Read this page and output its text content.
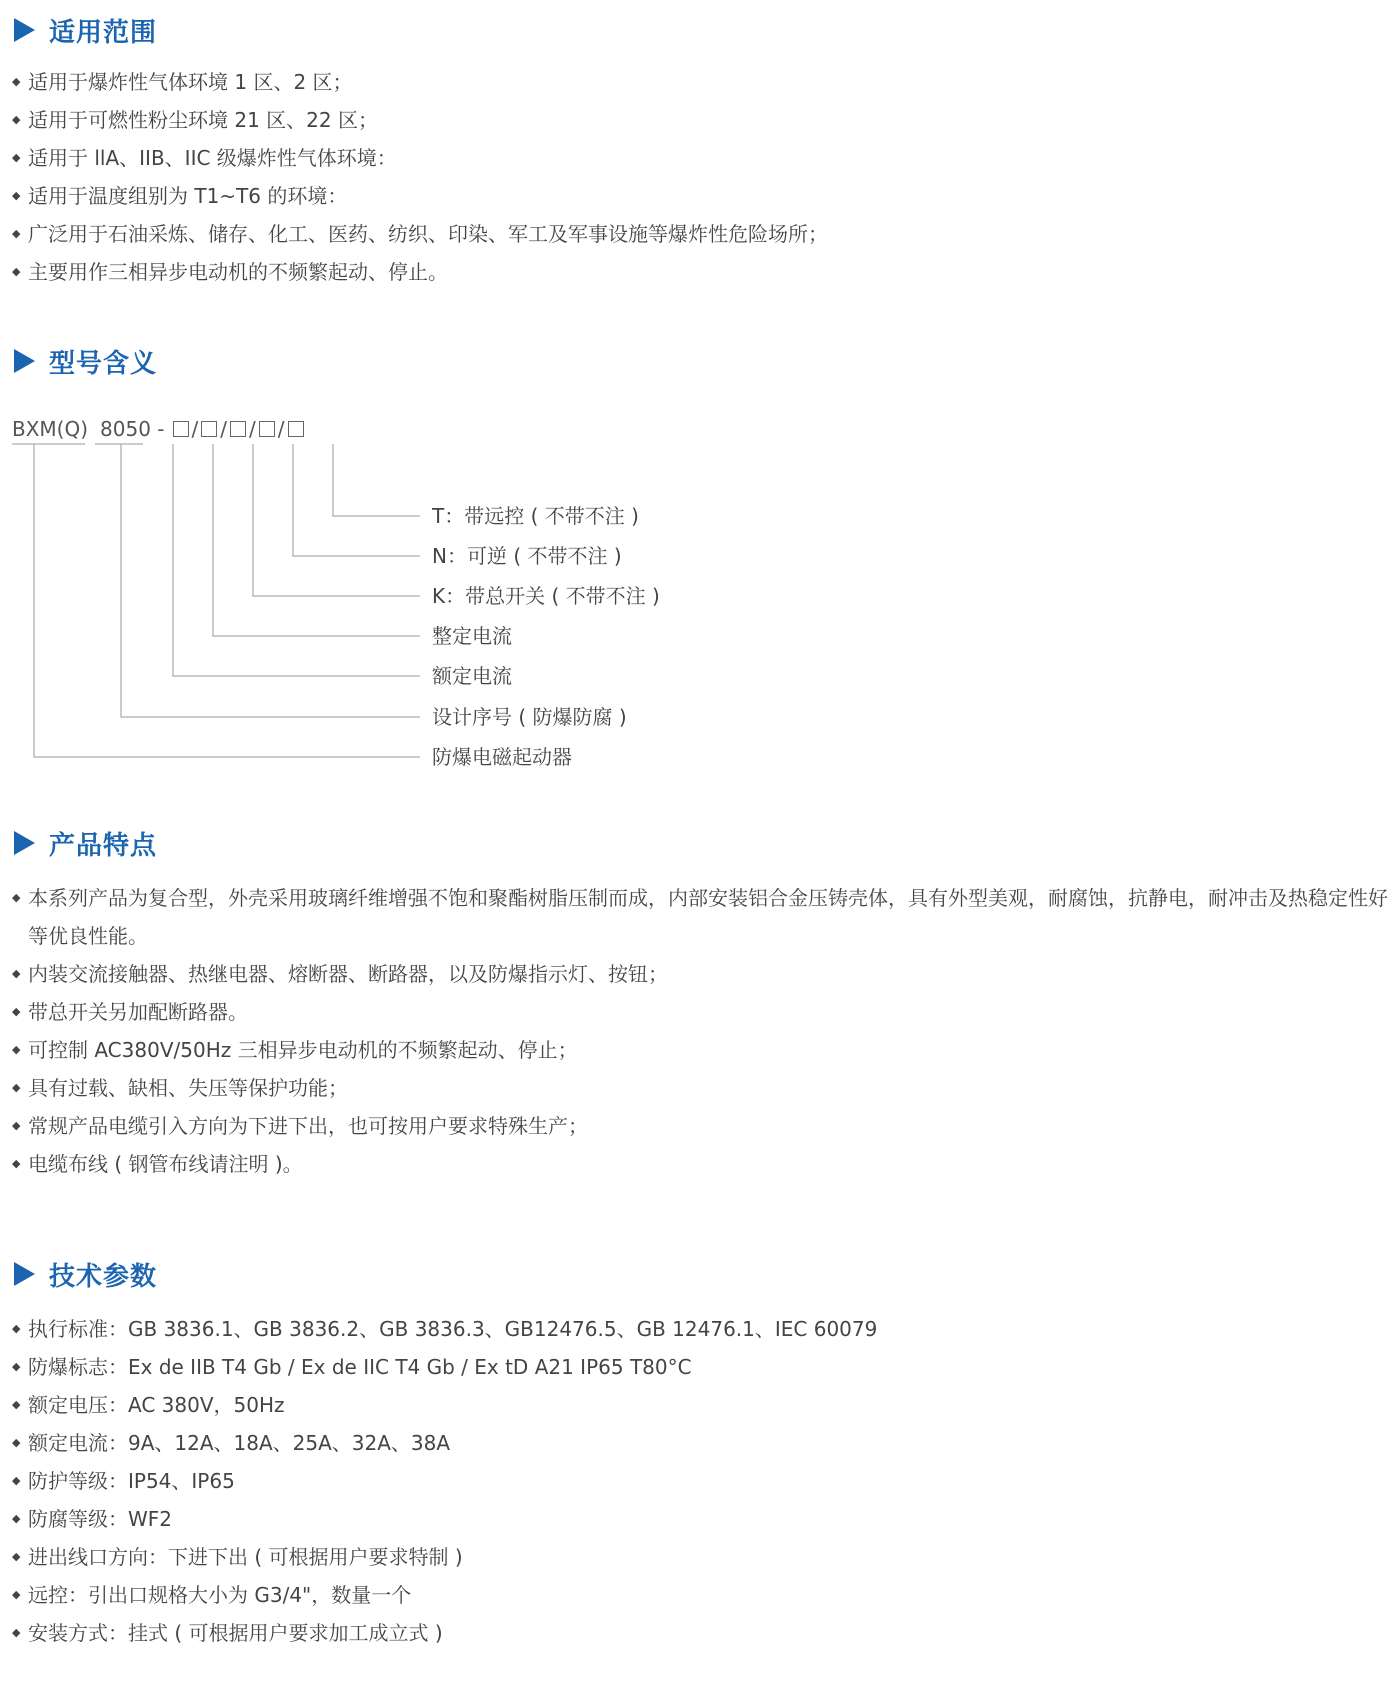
适用范围
◆ 适用于爆炸性气体环境 1 区、2 区；
◆ 适用于可燃性粉尘环境 21 区、22 区；
◆ 适用于 llA、IIB、IIC 级爆炸性气体环境：
◆ 适用于温度组别为 T1~T6 的环境：
◆ 广泛用于石油采炼、储存、化工、医药、纺织、印染、军工及军事设施等爆炸性危险场所；
◆ 主要用作三相异步电动机的不频繁起动、停止。
型号含义
BXM(Q) 8050 - / / / /
T：带远控 ( 不带不注 )
N：可逆 ( 不带不注 )
K：带总开关 ( 不带不注 )
整定电流
额定电流
设计序号 ( 防爆防腐 )
防爆电磁起动器
产品特点
◆ 本系列产品为复合型，外壳采用玻璃纤维增强不饱和聚酯树脂压制而成，内部安装铝合金压铸壳体，具有外型美观，耐腐蚀，抗静电，耐冲击及热稳定性好等优良性能。
◆ 内装交流接触器、热继电器、熔断器、断路器，以及防爆指示灯、按钮；
◆ 带总开关另加配断路器。
◆ 可控制 AC380V/50Hz 三相异步电动机的不频繁起动、停止；
◆ 具有过载、缺相、失压等保护功能；
◆ 常规产品电缆引入方向为下进下出，也可按用户要求特殊生产；
◆ 电缆布线 ( 钢管布线请注明 )。
技术参数
◆ 执行标准：GB 3836.1、GB 3836.2、GB 3836.3、GB12476.5、GB 12476.1、IEC 60079
◆ 防爆标志：Ex de IIB T4 Gb / Ex de IIC T4 Gb / Ex tD A21 IP65 T80°C
◆ 额定电压：AC 380V，50Hz
◆ 额定电流：9A、12A、18A、25A、32A、38A
◆ 防护等级：IP54、IP65
◆ 防腐等级：WF2
◆ 进出线口方向：下进下出 ( 可根据用户要求特制 )
◆ 远控：引出口规格大小为 G3/4"，数量一个
◆ 安装方式：挂式 ( 可根据用户要求加工成立式 )
